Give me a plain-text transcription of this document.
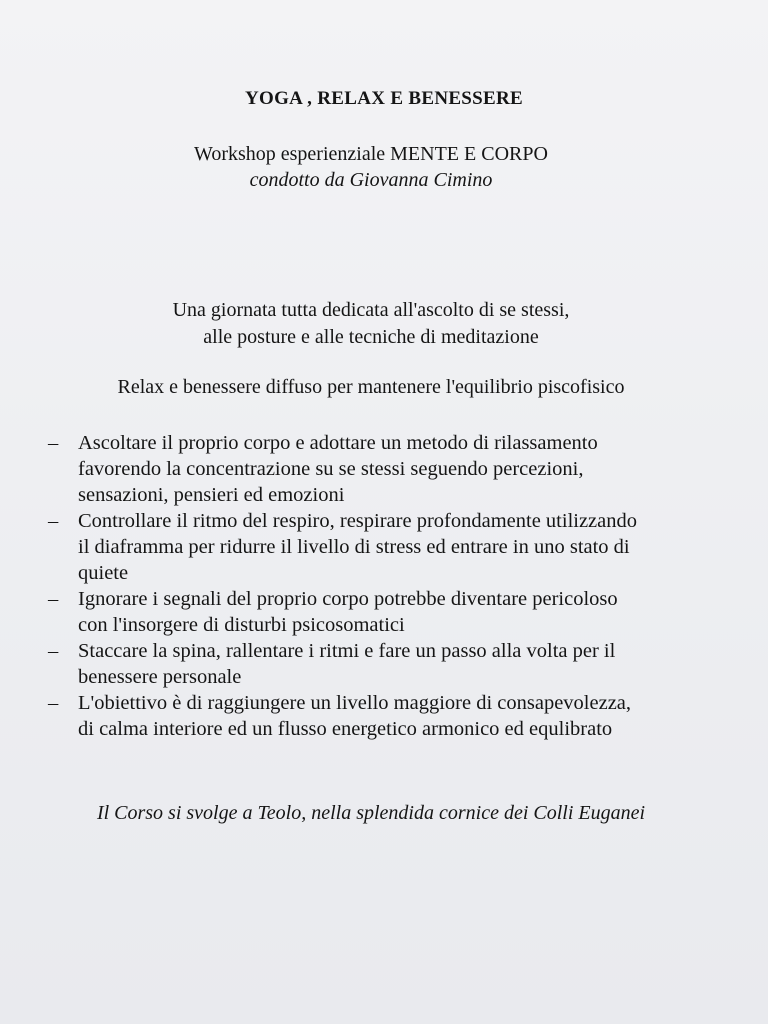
YOGA , RELAX E BENESSERE
Workshop esperienziale MENTE E CORPO
condotto da Giovanna Cimino
Una giornata tutta dedicata all'ascolto di se stessi,
alle posture e alle tecniche di meditazione
Relax e benessere diffuso per mantenere l'equilibrio piscofisico
– Ascoltare il proprio corpo e adottare un metodo di rilassamento
favorendo la concentrazione su se stessi seguendo percezioni,
sensazioni, pensieri ed emozioni
– Controllare il ritmo del respiro, respirare profondamente utilizzando
il diaframma per ridurre il livello di stress ed entrare in uno stato di
quiete
– Ignorare i segnali del proprio corpo potrebbe diventare pericoloso
con l'insorgere di disturbi psicosomatici
– Staccare la spina, rallentare i ritmi e fare un passo alla volta per il
benessere personale
– L'obiettivo è di raggiungere un livello maggiore di consapevolezza,
di calma interiore ed un flusso energetico armonico ed equlibrato
Il Corso si svolge a Teolo, nella splendida cornice dei Colli Euganei
